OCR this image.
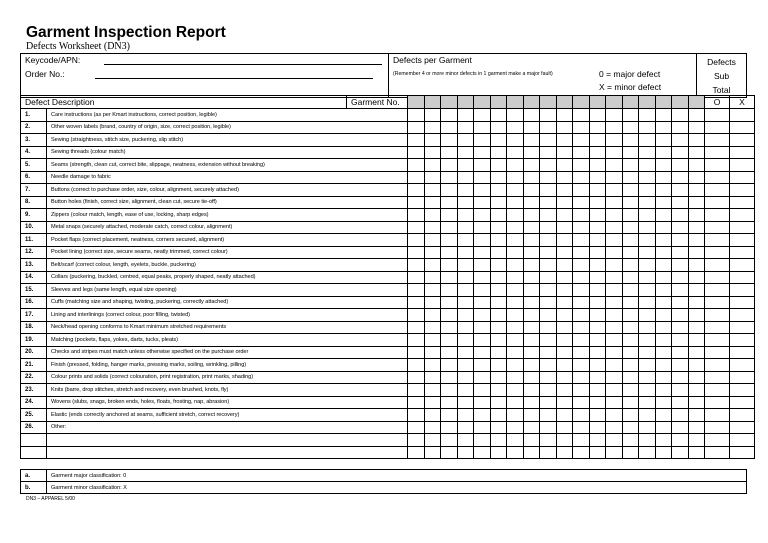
Garment Inspection Report
Defects Worksheet (DN3)
Keycode/APN:
Order No.:

Defects per Garment
(Remember 4 or more minor defects in 1 garment make a major fault)	0 = major defect
X = minor defect

Defects
Sub
Total
Defect Description		Garment No.																			O	X
1.	Care instructions (as per Kmart instructions, correct position, legible)																					
2.	Other woven labels (brand, country of origin, size, correct position, legible)																					
3.	Sewing (straightness, stitch size, puckering, slip stitch)																					
4.	Sewing threads (colour match)																					
5.	Seams (strength, clean cut, correct bite, slippage, neatness, extension without breaking)																					
6.	Needle damage to fabric																					
7.	Buttons (correct to purchase order, size, colour, alignment, securely attached)																					
8.	Button holes (finish, correct size, alignment, clean cut, secure tie-off)																					
9.	Zippers (colour match, length, ease of use, locking, sharp edges)																					
10.	Metal snaps (securely attached, moderate catch, correct colour, alignment)																					
11.	Pocket flaps (correct placement, neatness, corners secured, alignment)																					
12.	Pocket lining (correct size, secure seams, neatly trimmed, correct colour)																					
13.	Belt/scarf (correct colour, length, eyelets, buckle, puckering)																					
14.	Collars (puckering, buckled, centred, equal peaks, properly shaped, neatly attached)																					
15.	Sleeves and legs (same length, equal size opening)																					
16.	Cuffs (matching size and shaping, twisting, puckering, correctly attached)																					
17.	Lining and interlinings (correct colour, poor filling, twisted)																					
18.	Neck/head opening conforms to Kmart minimum stretched requirements																					
19.	Matching (pockets, flaps, yokes, darts, tucks, pleats)																					
20.	Checks and stripes must match unless otherwise specified on the purchase order																					
21.	Finish (pressed, folding, hanger marks, pressing marks, soiling, wrinkling, pilling)																					
22.	Colour prints and solids (correct colouration, print registration, print marks, shading)																					
23.	Knits (barre, drop stitches, stretch and recovery, even brushed, knots, fly)																					
24.	Wovens (slubs, snags, broken ends, holes, floats, frosting, nap, abrasion)																					
25.	Elastic (ends correctly anchored at seams, sufficient stretch, correct recovery)																					
26.	Other:																					

a.	Garment major classification: 0
b.	Garment minor classification: X
DN3 – APPAREL 5/00
